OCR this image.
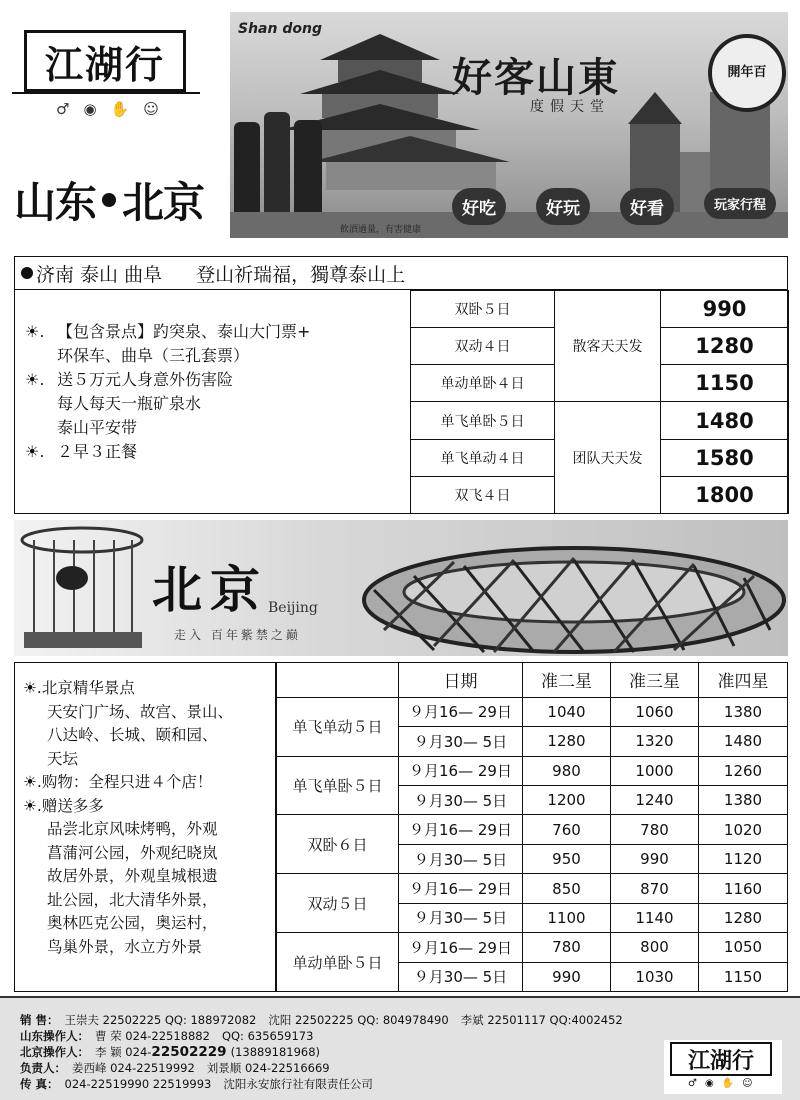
江湖行
♂◉✋☺
山东 北京
Shan dong
好客山東
度假天堂
開年百
好吃	好玩	好看	玩家行程
飲酒過量，有害健康
济南 泰山 曲阜 登山祈瑞福，獨尊泰山上
☀. 【包含景点】趵突泉、泰山大门票+
环保车、曲阜（三孔套票）
☀. 送５万元人身意外伤害险
每人每天一瓶矿泉水
泰山平安带
☀. ２早３正餐
双卧５日	散客天天发	990
双动４日		1280
单动单卧４日		1150
单飞单卧５日	团队天天发	1480
单飞单动４日		1580
双飞４日		1800
北京 Beijing
走入 百年紫禁之巅
☀.北京精华景点
天安门广场、故宫、景山、
八达岭、长城、颐和园、
天坛
☀.购物：全程只进４个店！
☀.赠送多多
品尝北京风味烤鸭，外观
菖蒲河公园，外观纪晓岚
故居外景，外观皇城根遗
址公园，北大清华外景，
奥林匹克公园，奥运村，
鸟巢外景，水立方外景
	日期	准二星	准三星	准四星
单飞单动５日	９月16— 29日	1040	1060	1380
	９月30— 5日	1280	1320	1480
单飞单卧５日	９月16— 29日	980	1000	1260
	９月30— 5日	1200	1240	1380
双卧６日	９月16— 29日	760	780	1020
	９月30— 5日	950	990	1120
双动５日	９月16— 29日	850	870	1160
	９月30— 5日	1100	1140	1280
单动单卧５日	９月16— 29日	780	800	1050
	９月30— 5日	990	1030	1150
销 售： 王崇夫 22502225 QQ: 188972082 沈阳 22502225 QQ: 804978490 李斌 22501117 QQ:4002452
山东操作人： 曹 荣 024-22518882 QQ: 635659173
北京操作人： 李 颖 024-22502229 (13889181968)
负责人： 姜西峰 024-22519992 刘景顺 024-22516669
传 真： 024-22519990 22519993 沈阳永安旅行社有限责任公司
江湖行
♂◉✋☺
